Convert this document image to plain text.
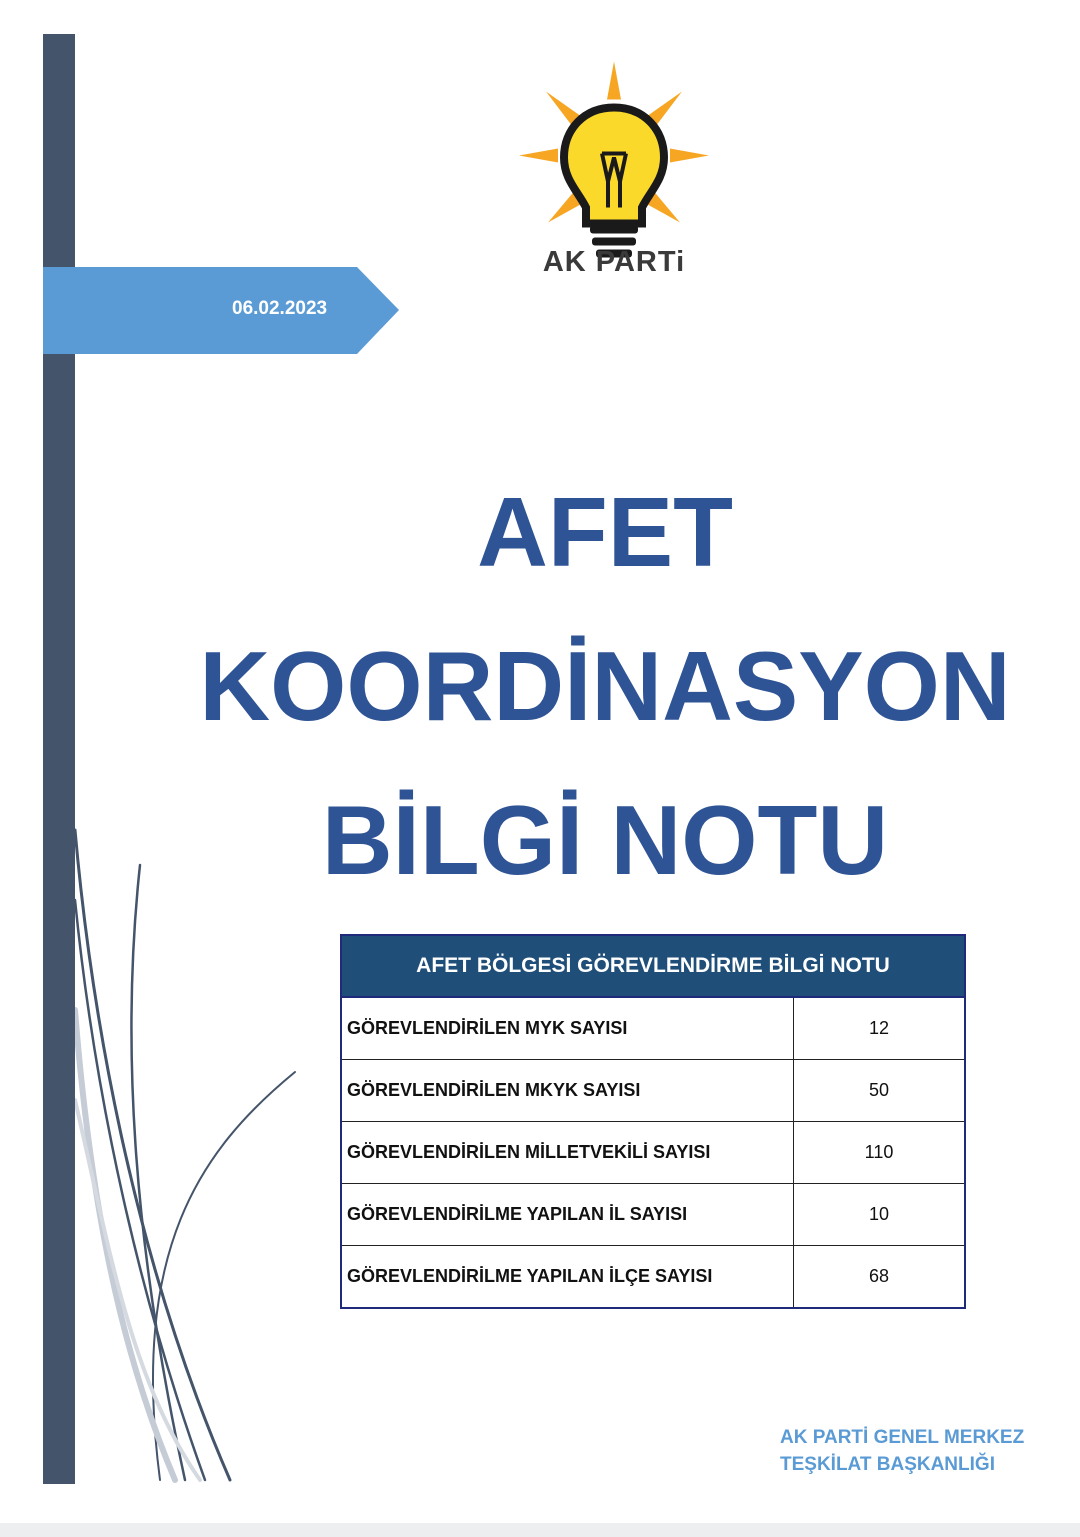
06.02.2023
AK PARTi
AFET
KOORDİNASYON
BİLGİ NOTU
AFET BÖLGESİ GÖREVLENDİRME BİLGİ NOTU	
GÖREVLENDİRİLEN MYK SAYISI	12
GÖREVLENDİRİLEN MKYK SAYISI	50
GÖREVLENDİRİLEN MİLLETVEKİLİ SAYISI	110
GÖREVLENDİRİLME YAPILAN İL SAYISI	10
GÖREVLENDİRİLME YAPILAN İLÇE SAYISI	68
AK PARTİ GENEL MERKEZ
TEŞKİLAT BAŞKANLIĞI
